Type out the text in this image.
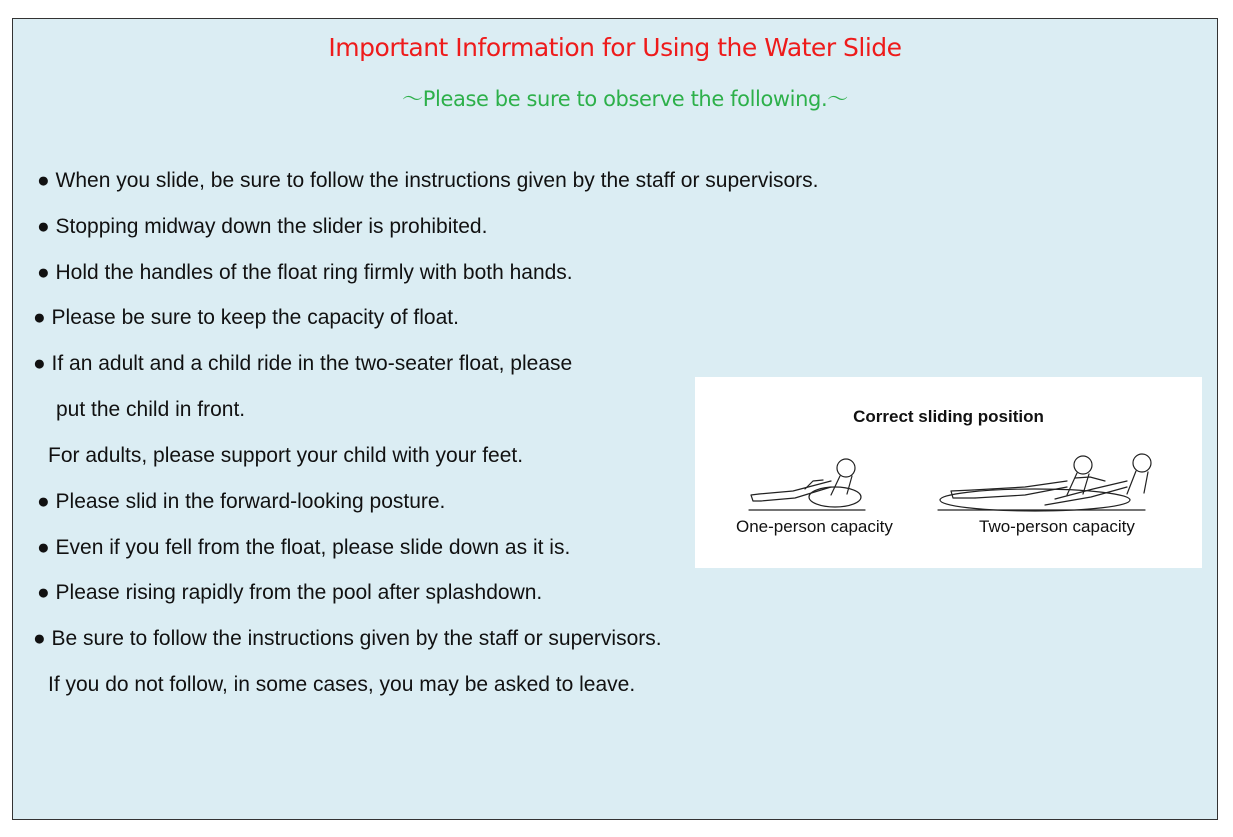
Important Information for Using the Water Slide
〜Please be sure to observe the following.〜
● When you slide, be sure to follow the instructions given by the staff or supervisors.
● Stopping midway down the slider is prohibited.
● Hold the handles of the float ring firmly with both hands.
● Please be sure to keep the capacity of float.
● If an adult and a child ride in the two-seater float, please
put the child in front.
For adults, please support your child with your feet.
● Please slid in the forward-looking posture.
● Even if you fell from the float, please slide down as it is.
● Please rising rapidly from the pool after splashdown.
● Be sure to follow the instructions given by the staff or supervisors.
If you do not follow, in some cases, you may be asked to leave.
Correct sliding position
One-person capacity	Two-person capacity
